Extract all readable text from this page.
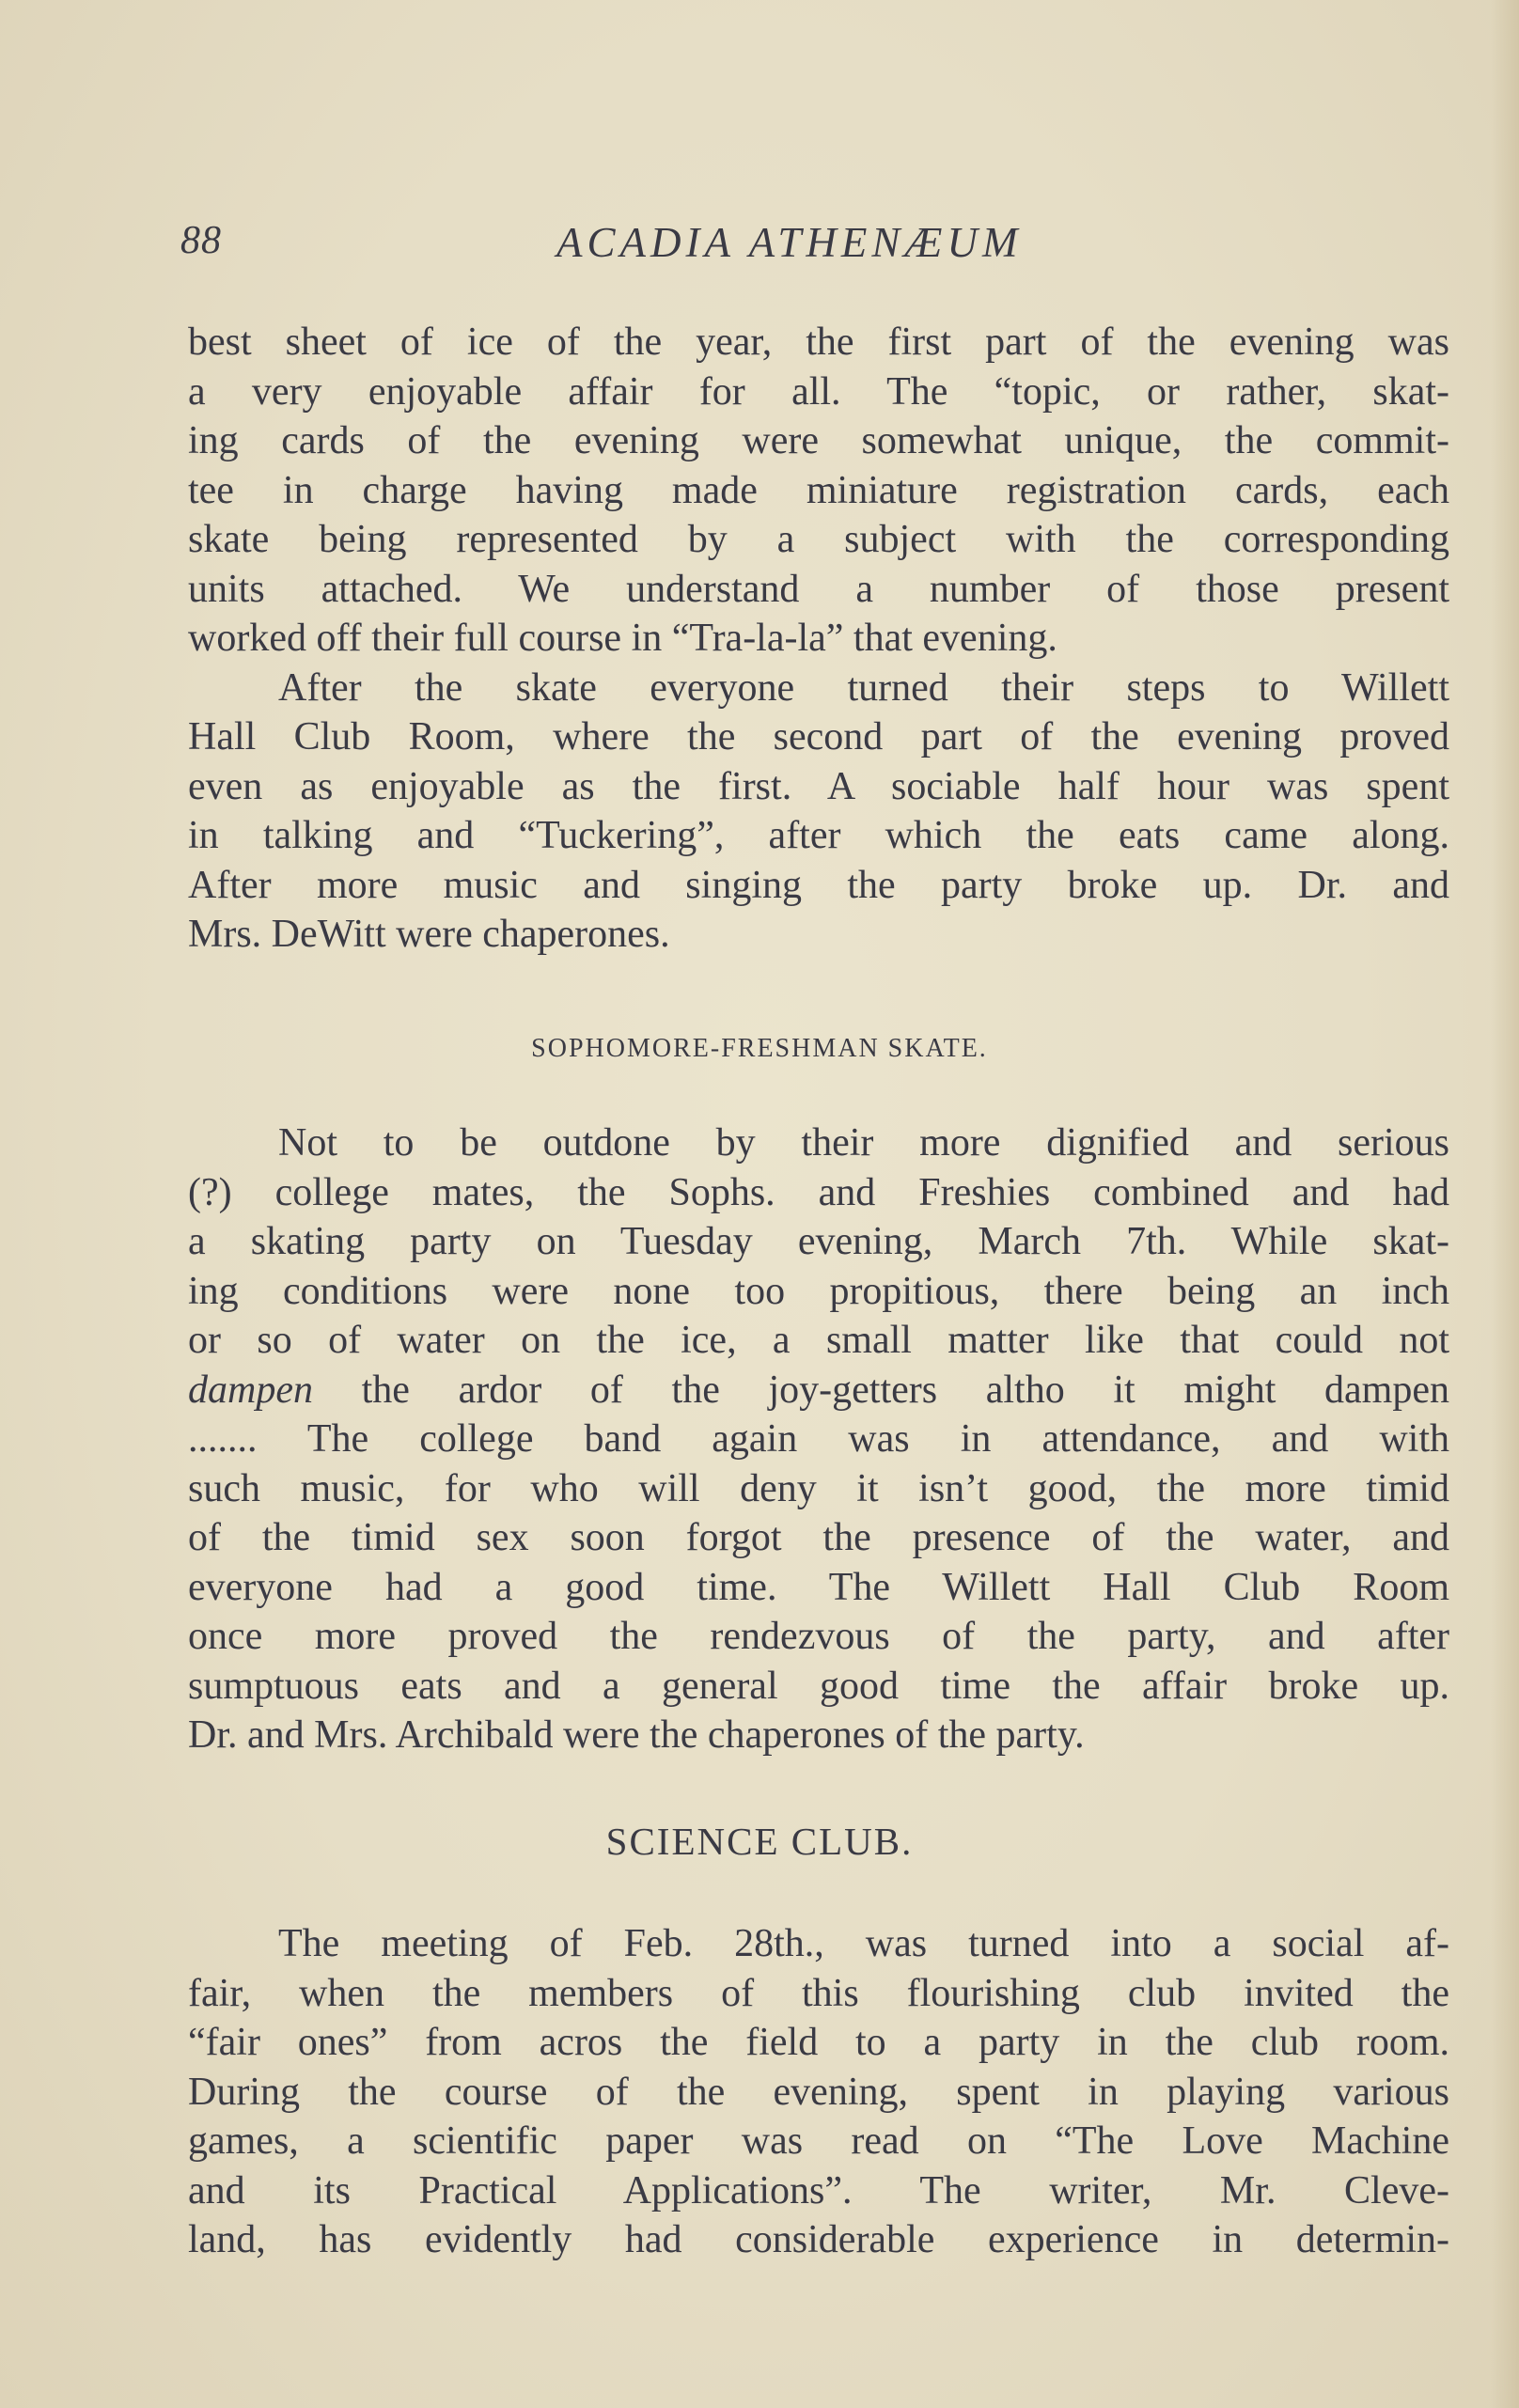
88	ACADIA ATHENÆUM
best sheet of ice of the year, the first part of the evening was
a very enjoyable affair for all. The “topic, or rather, skat-
ing cards of the evening were somewhat unique, the commit-
tee in charge having made miniature registration cards, each
skate being represented by a subject with the corresponding
units attached. We understand a number of those present
worked off their full course in “Tra-la-la” that evening.
After the skate everyone turned their steps to Willett
Hall Club Room, where the second part of the evening proved
even as enjoyable as the first. A sociable half hour was spent
in talking and “Tuckering”, after which the eats came along.
After more music and singing the party broke up. Dr. and
Mrs. DeWitt were chaperones.
SOPHOMORE-FRESHMAN SKATE.
Not to be outdone by their more dignified and serious
(?) college mates, the Sophs. and Freshies combined and had
a skating party on Tuesday evening, March 7th. While skat-
ing conditions were none too propitious, there being an inch
or so of water on the ice, a small matter like that could not
dampen the ardor of the joy-getters altho it might dampen
....... The college band again was in attendance, and with
such music, for who will deny it isn’t good, the more timid
of the timid sex soon forgot the presence of the water, and
everyone had a good time. The Willett Hall Club Room
once more proved the rendezvous of the party, and after
sumptuous eats and a general good time the affair broke up.
Dr. and Mrs. Archibald were the chaperones of the party.
SCIENCE CLUB.
The meeting of Feb. 28th., was turned into a social af-
fair, when the members of this flourishing club invited the
“fair ones” from acros the field to a party in the club room.
During the course of the evening, spent in playing various
games, a scientific paper was read on “The Love Machine
and its Practical Applications”. The writer, Mr. Cleve-
land, has evidently had considerable experience in determin-
